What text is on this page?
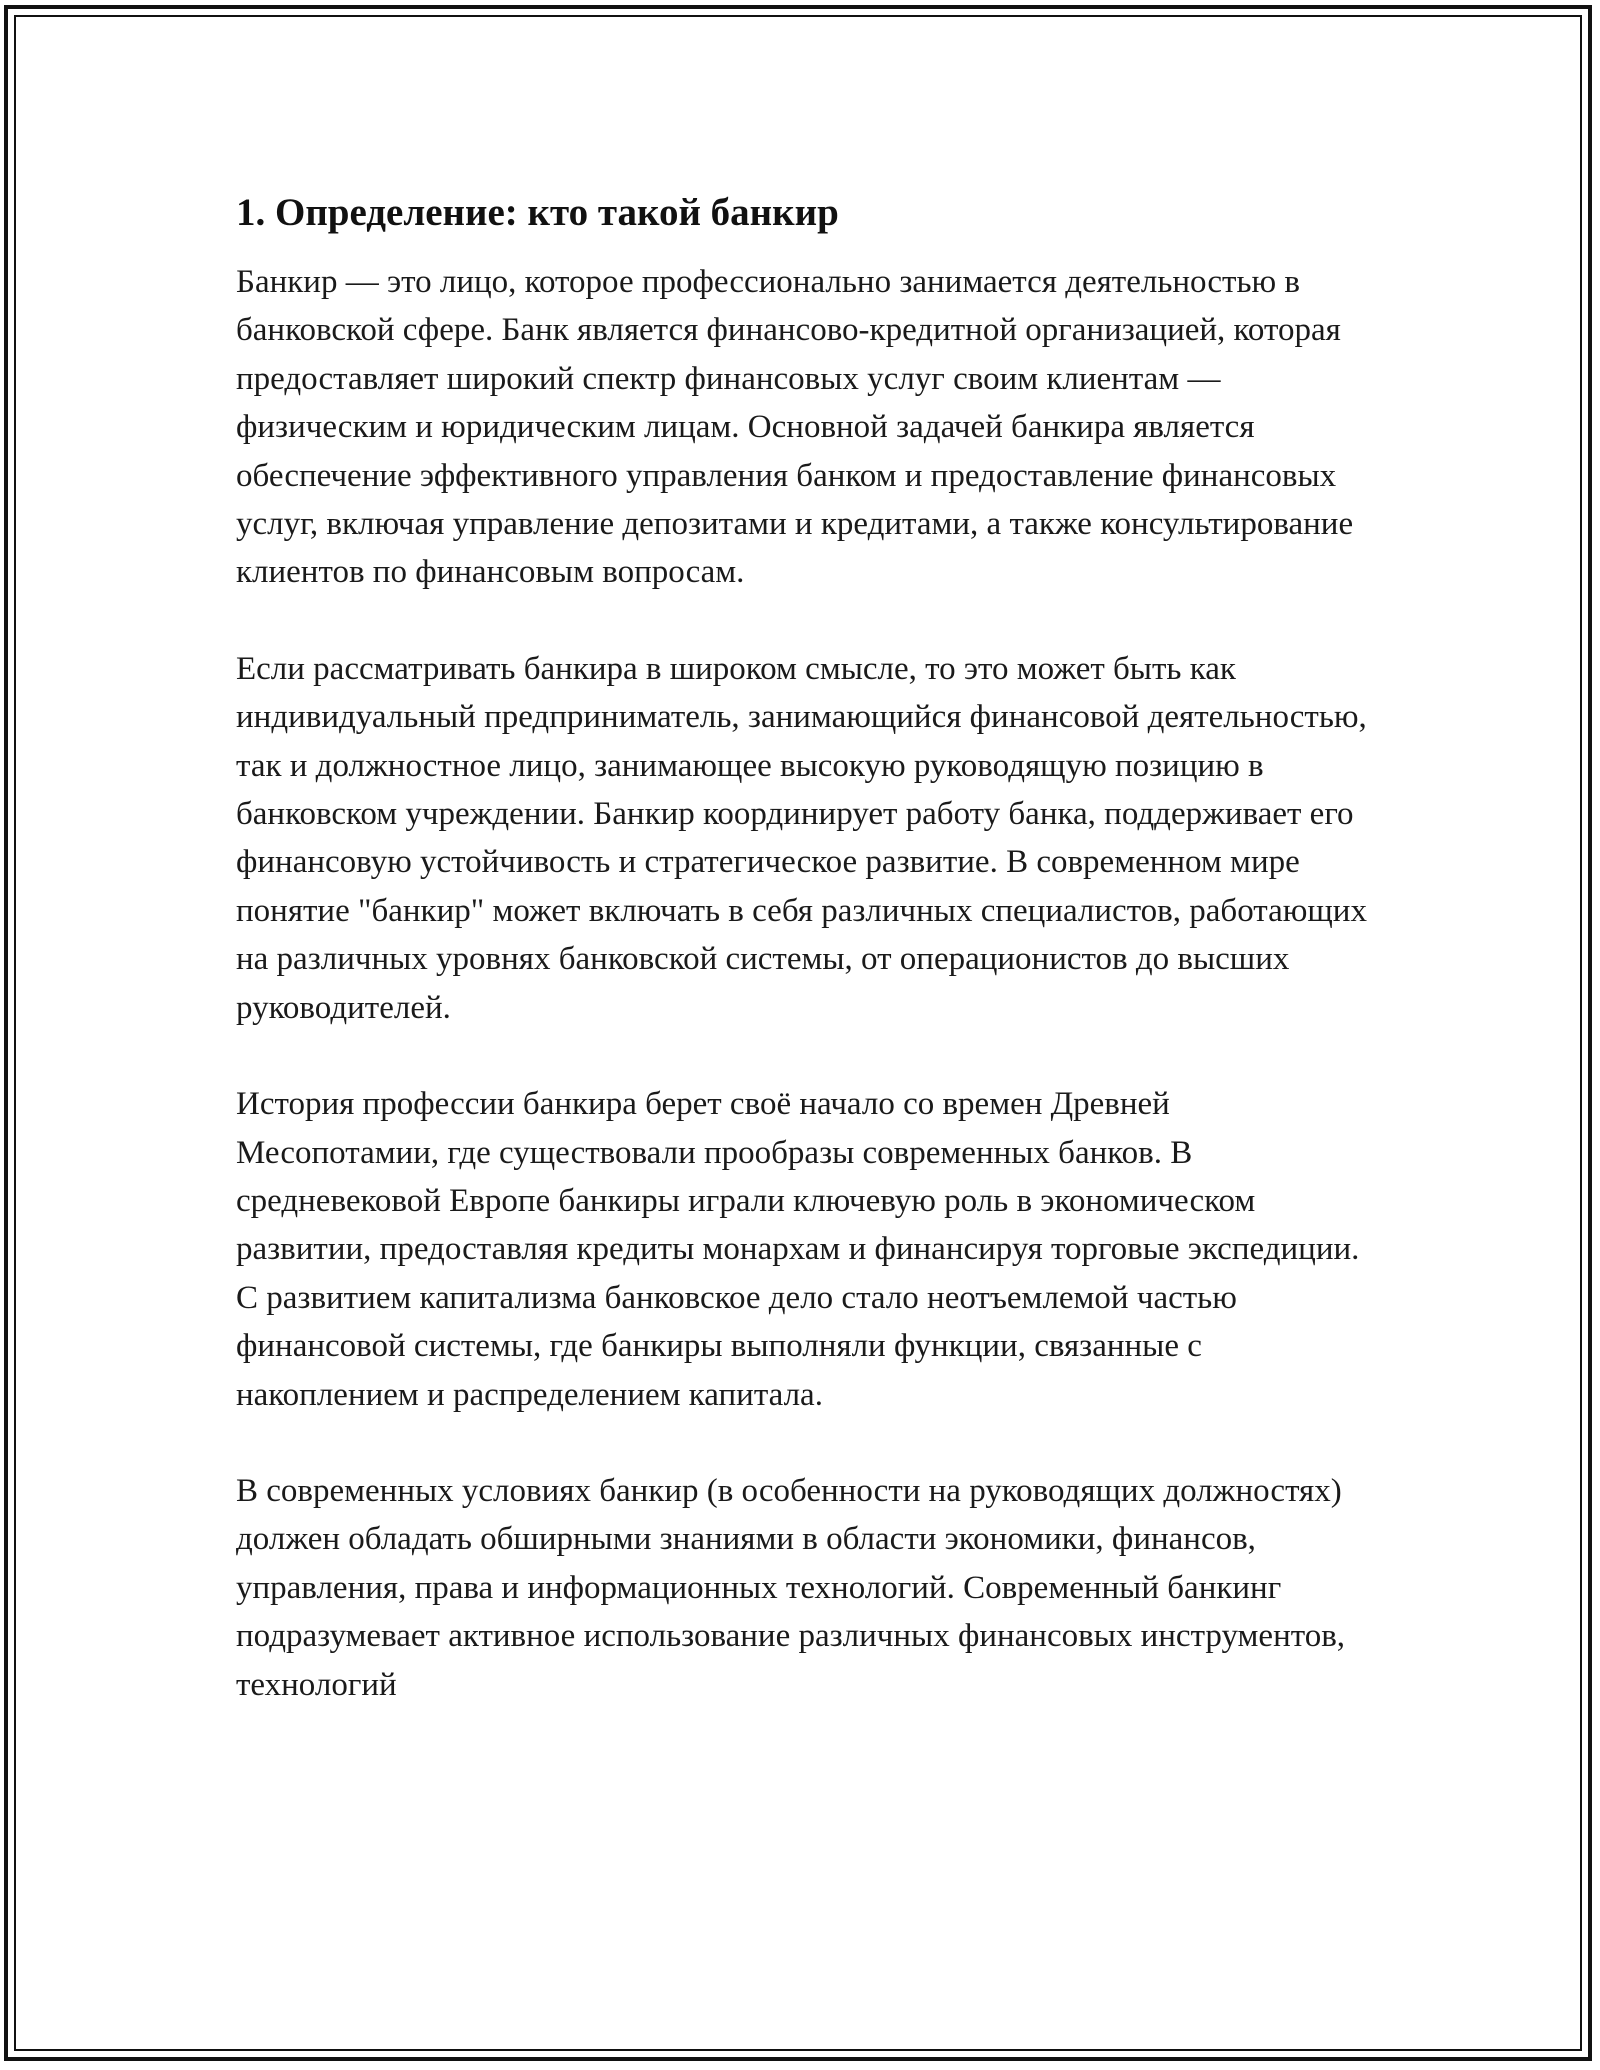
1. Определение: кто такой банкир

Банкир — это лицо, которое профессионально занимается деятельностью в банковской сфере. Банк является финансово-кредитной организацией, которая предоставляет широкий спектр финансовых услуг своим клиентам — физическим и юридическим лицам. Основной задачей банкира является обеспечение эффективного управления банком и предоставление финансовых услуг, включая управление депозитами и кредитами, а также консультирование клиентов по финансовым вопросам.

Если рассматривать банкира в широком смысле, то это может быть как индивидуальный предприниматель, занимающийся финансовой деятельностью, так и должностное лицо, занимающее высокую руководящую позицию в банковском учреждении. Банкир координирует работу банка, поддерживает его финансовую устойчивость и стратегическое развитие. В современном мире понятие "банкир" может включать в себя различных специалистов, работающих на различных уровнях банковской системы, от операционистов до высших руководителей.

История профессии банкира берет своё начало со времен Древней Месопотамии, где существовали прообразы современных банков. В средневековой Европе банкиры играли ключевую роль в экономическом развитии, предоставляя кредиты монархам и финансируя торговые экспедиции. С развитием капитализма банковское дело стало неотъемлемой частью финансовой системы, где банкиры выполняли функции, связанные с накоплением и распределением капитала.

В современных условиях банкир (в особенности на руководящих должностях) должен обладать обширными знаниями в области экономики, финансов, управления, права и информационных технологий. Современный банкинг подразумевает активное использование различных финансовых инструментов, технологий
